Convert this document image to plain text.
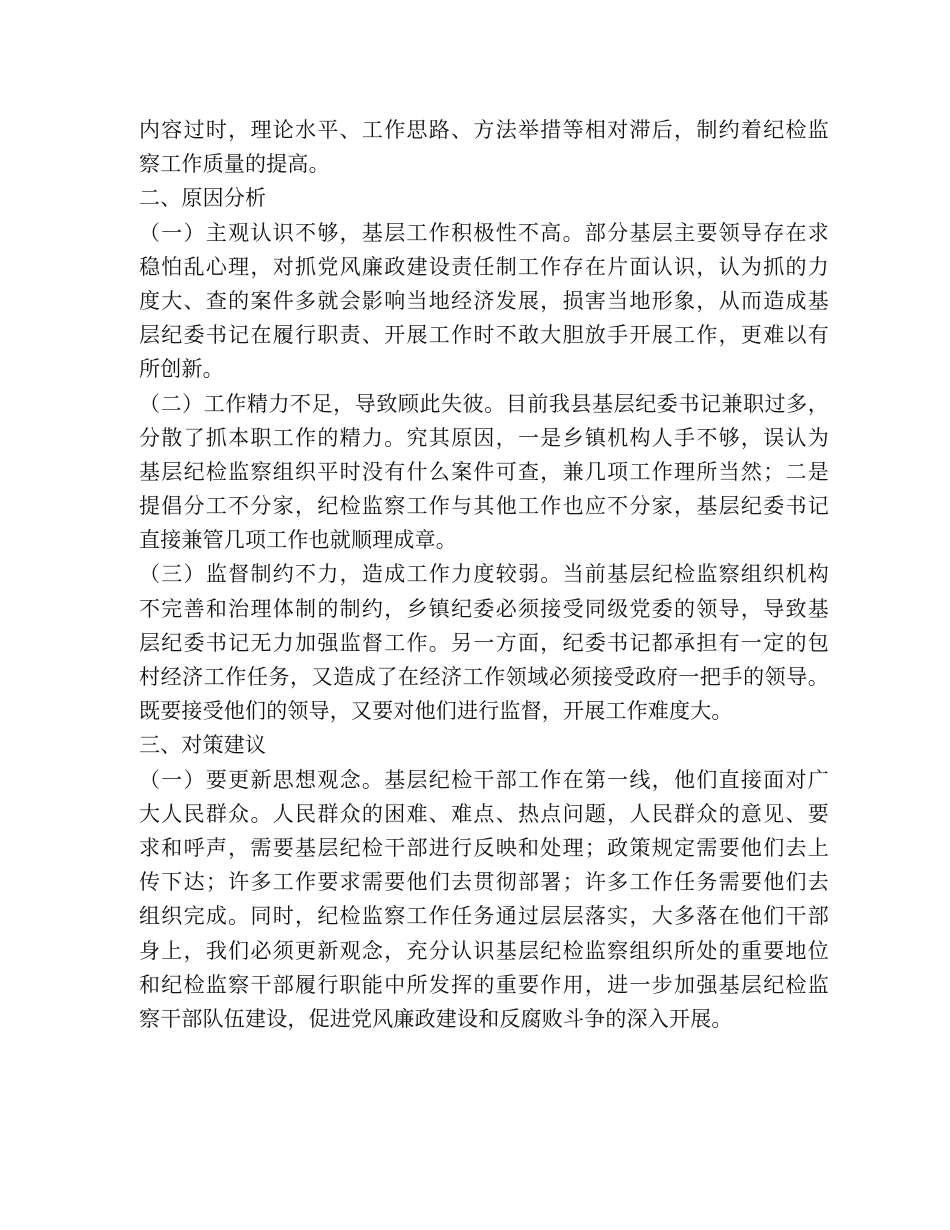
内容过时，理论水平、工作思路、方法举措等相对滞后，制约着纪检监
察工作质量的提高。
二、原因分析
（一）主观认识不够，基层工作积极性不高。部分基层主要领导存在求
稳怕乱心理，对抓党风廉政建设责任制工作存在片面认识，认为抓的力
度大、查的案件多就会影响当地经济发展，损害当地形象，从而造成基
层纪委书记在履行职责、开展工作时不敢大胆放手开展工作，更难以有
所创新。
（二）工作精力不足，导致顾此失彼。目前我县基层纪委书记兼职过多，
分散了抓本职工作的精力。究其原因，一是乡镇机构人手不够，误认为
基层纪检监察组织平时没有什么案件可查，兼几项工作理所当然；二是
提倡分工不分家，纪检监察工作与其他工作也应不分家，基层纪委书记
直接兼管几项工作也就顺理成章。
（三）监督制约不力，造成工作力度较弱。当前基层纪检监察组织机构
不完善和治理体制的制约，乡镇纪委必须接受同级党委的领导，导致基
层纪委书记无力加强监督工作。另一方面，纪委书记都承担有一定的包
村经济工作任务，又造成了在经济工作领域必须接受政府一把手的领导。
既要接受他们的领导，又要对他们进行监督，开展工作难度大。
三、对策建议
（一）要更新思想观念。基层纪检干部工作在第一线，他们直接面对广
大人民群众。人民群众的困难、难点、热点问题，人民群众的意见、要
求和呼声，需要基层纪检干部进行反映和处理；政策规定需要他们去上
传下达；许多工作要求需要他们去贯彻部署；许多工作任务需要他们去
组织完成。同时，纪检监察工作任务通过层层落实，大多落在他们干部
身上，我们必须更新观念，充分认识基层纪检监察组织所处的重要地位
和纪检监察干部履行职能中所发挥的重要作用，进一步加强基层纪检监
察干部队伍建设，促进党风廉政建设和反腐败斗争的深入开展。
